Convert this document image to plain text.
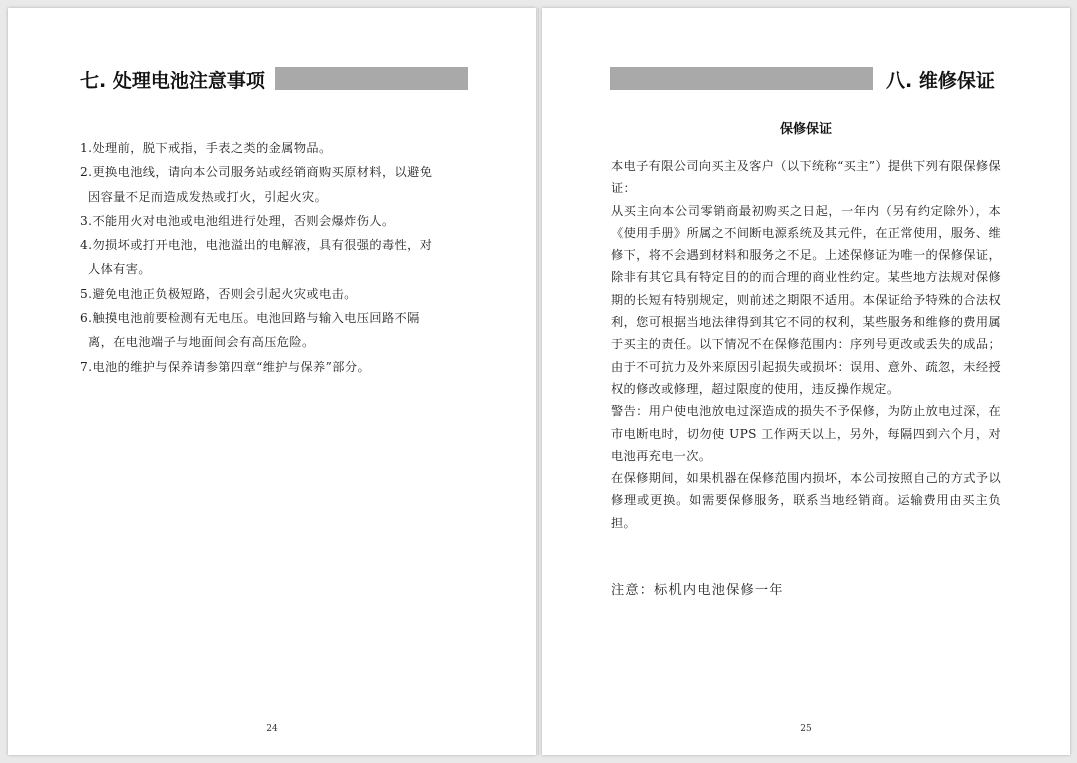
七. 处理电池注意事项
1.处理前，脱下戒指，手表之类的金属物品。
2.更换电池线，请向本公司服务站或经销商购买原材料，以避免
因容量不足而造成发热或打火，引起火灾。
3.不能用火对电池或电池组进行处理，否则会爆炸伤人。
4.勿损坏或打开电池，电池溢出的电解液，具有很强的毒性，对
人体有害。
5.避免电池正负极短路，否则会引起火灾或电击。
6.触摸电池前要检测有无电压。电池回路与输入电压回路不隔
离，在电池端子与地面间会有高压危险。
7.电池的维护与保养请参第四章“维护与保养”部分。
24
八. 维修保证
保修保证

本电子有限公司向买主及客户（以下统称“买主”）提供下列有限保修保证：

从买主向本公司零销商最初购买之日起，一年内（另有约定除外），本《使用手册》所属之不间断电源系统及其元件，在正常使用，服务、维修下，将不会遇到材料和服务之不足。上述保修证为唯一的保修保证，除非有其它具有特定目的的而合理的商业性约定。某些地方法规对保修期的长短有特别规定，则前述之期限不适用。本保证给予特殊的合法权利，您可根据当地法律得到其它不同的权利，某些服务和维修的费用属于买主的责任。以下情况不在保修范围内：序列号更改或丢失的成品；由于不可抗力及外来原因引起损失或损坏：误用、意外、疏忽，未经授权的修改或修理，超过限度的使用，违反操作规定。

警告：用户使电池放电过深造成的损失不予保修，为防止放电过深，在市电断电时，切勿使 UPS 工作两天以上，另外，每隔四到六个月，对电池再充电一次。

在保修期间，如果机器在保修范围内损坏，本公司按照自己的方式予以修理或更换。如需要保修服务，联系当地经销商。运输费用由买主负担。

注意：标机内电池保修一年
25
